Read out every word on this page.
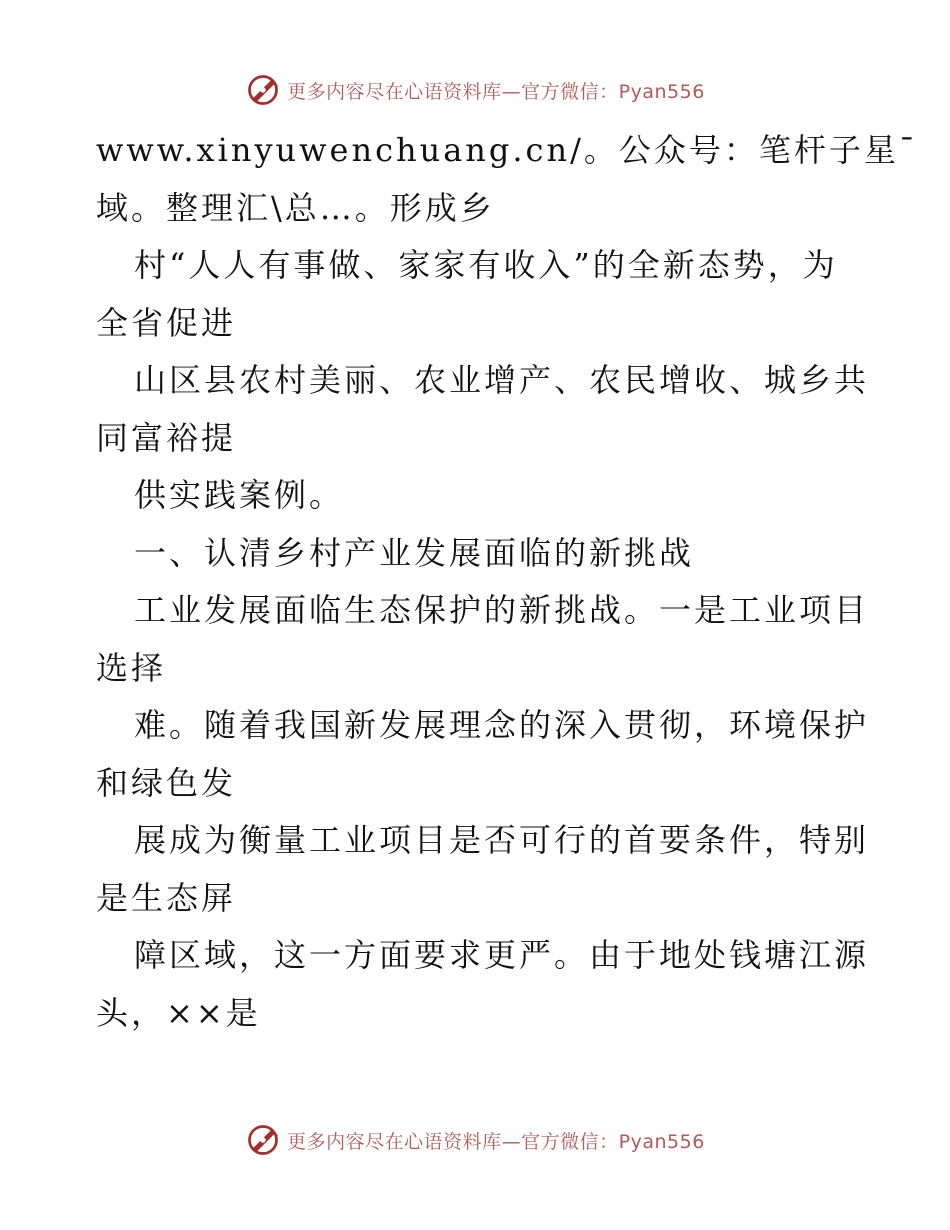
更多内容尽在心语资料库—官方微信：Pyan556
www.xinyuwenchuang.cn/。公众号：笔杆子星¯
域。整理汇\总…。形成乡
村“人人有事做、家家有收入”的全新态势，为
全省促进
山区县农村美丽、农业增产、农民增收、城乡共
同富裕提
供实践案例。
一、认清乡村产业发展面临的新挑战
工业发展面临生态保护的新挑战。一是工业项目
选择
难。随着我国新发展理念的深入贯彻，环境保护
和绿色发
展成为衡量工业项目是否可行的首要条件，特别
是生态屏
障区域，这一方面要求更严。由于地处钱塘江源
头，××是
更多内容尽在心语资料库—官方微信：Pyan556
